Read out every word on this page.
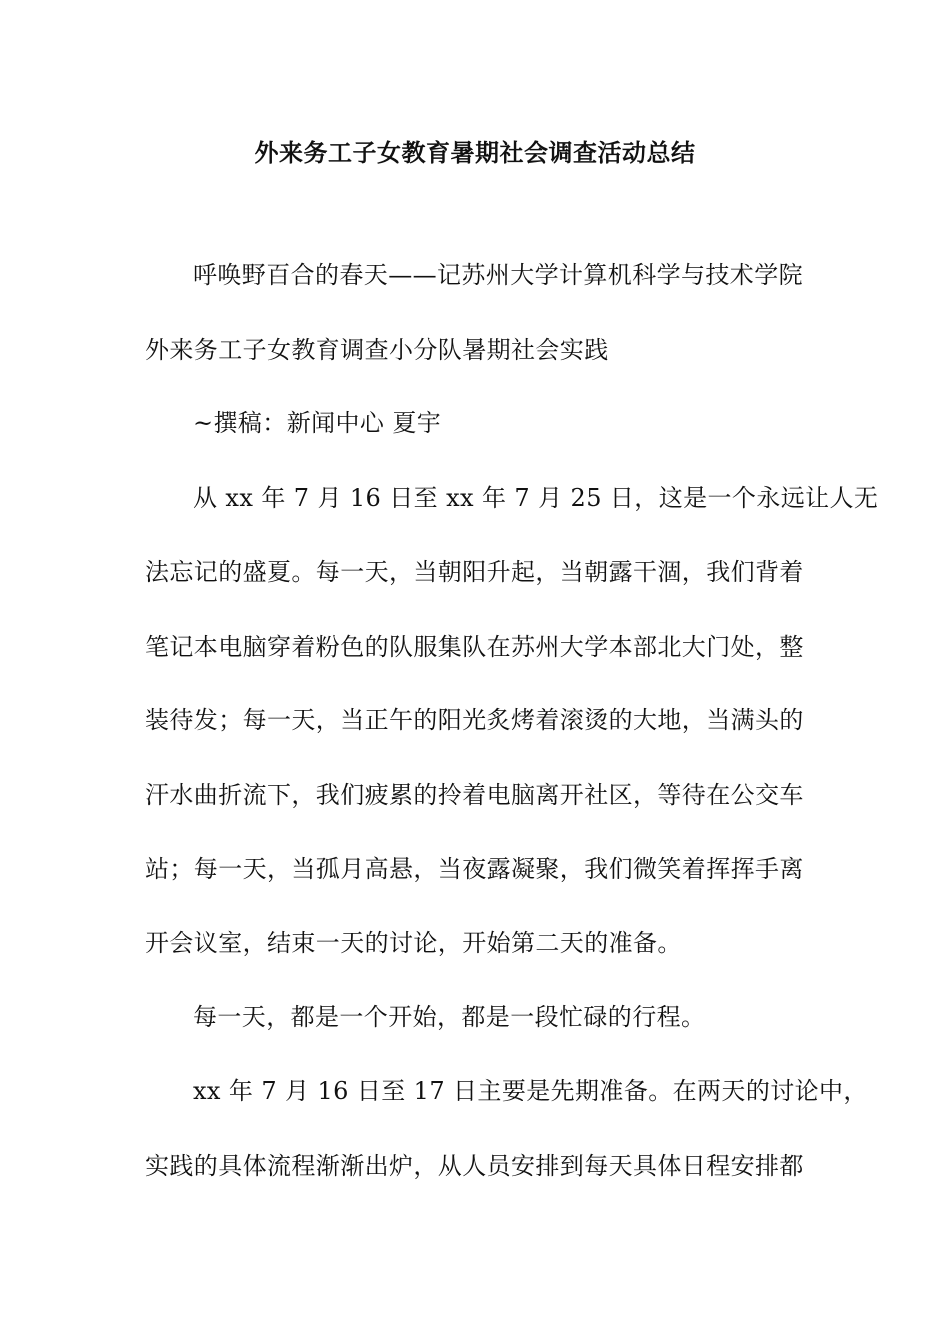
外来务工子女教育暑期社会调查活动总结
呼唤野百合的春天——记苏州大学计算机科学与技术学院
外来务工子女教育调查小分队暑期社会实践
~撰稿：新闻中心 夏宇
从 xx 年 7 月 16 日至 xx 年 7 月 25 日，这是一个永远让人无
法忘记的盛夏。每一天，当朝阳升起，当朝露干涸，我们背着
笔记本电脑穿着粉色的队服集队在苏州大学本部北大门处，整
装待发；每一天，当正午的阳光炙烤着滚烫的大地，当满头的
汗水曲折流下，我们疲累的拎着电脑离开社区，等待在公交车
站；每一天，当孤月高悬，当夜露凝聚，我们微笑着挥挥手离
开会议室，结束一天的讨论，开始第二天的准备。
每一天，都是一个开始，都是一段忙碌的行程。
xx 年 7 月 16 日至 17 日主要是先期准备。在两天的讨论中，
实践的具体流程渐渐出炉，从人员安排到每天具体日程安排都
